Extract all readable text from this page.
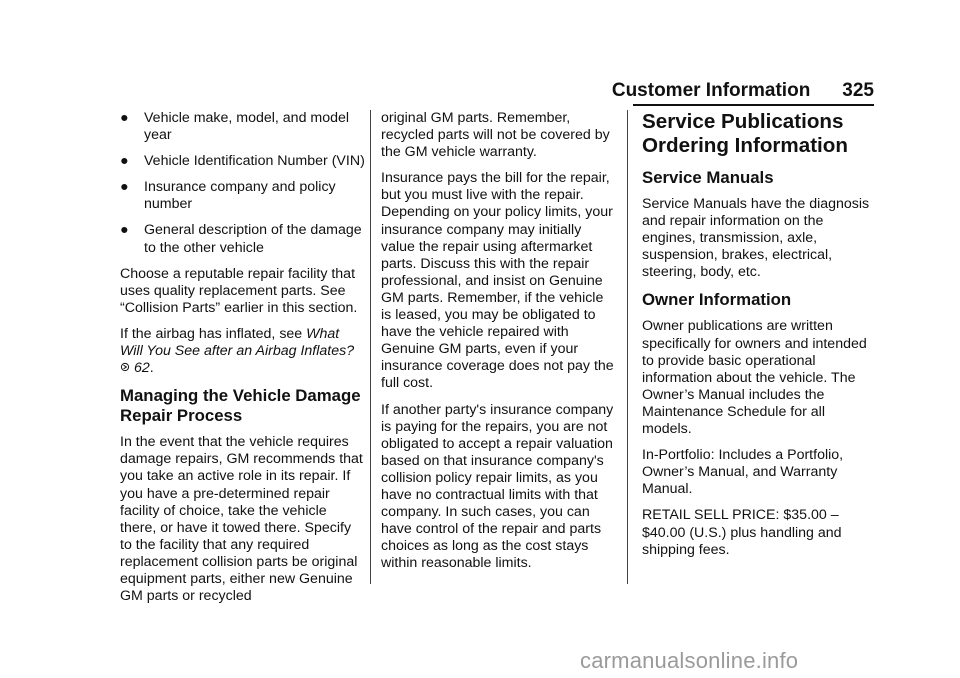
Customer Information 325
●	Vehicle make, model, and model year
●	Vehicle Identification Number (VIN)
●	Insurance company and policy number
●	General description of the damage to the other vehicle

Choose a reputable repair facility that uses quality replacement parts. See “Collision Parts” earlier in this section.

If the airbag has inflated, see What Will You See after an Airbag Inflates?  62.

Managing the Vehicle Damage Repair Process

In the event that the vehicle requires damage repairs, GM recommends that you take an active role in its repair. If you have a pre-determined repair facility of choice, take the vehicle there, or have it towed there. Specify to the facility that any required replacement collision parts be original equipment parts, either new Genuine GM parts or recycled

original GM parts. Remember, recycled parts will not be covered by the GM vehicle warranty.

Insurance pays the bill for the repair, but you must live with the repair. Depending on your policy limits, your insurance company may initially value the repair using aftermarket parts. Discuss this with the repair professional, and insist on Genuine GM parts. Remember, if the vehicle is leased, you may be obligated to have the vehicle repaired with Genuine GM parts, even if your insurance coverage does not pay the full cost.

If another party's insurance company is paying for the repairs, you are not obligated to accept a repair valuation based on that insurance company's collision policy repair limits, as you have no contractual limits with that company. In such cases, you can have control of the repair and parts choices as long as the cost stays within reasonable limits.

Service Publications Ordering Information
Service Manuals

Service Manuals have the diagnosis and repair information on the engines, transmission, axle, suspension, brakes, electrical, steering, body, etc.

Owner Information

Owner publications are written specifically for owners and intended to provide basic operational information about the vehicle. The Owner’s Manual includes the Maintenance Schedule for all models.

In-Portfolio: Includes a Portfolio, Owner’s Manual, and Warranty Manual.

RETAIL SELL PRICE: $35.00 – $40.00 (U.S.) plus handling and shipping fees.

carmanualsonline.info
